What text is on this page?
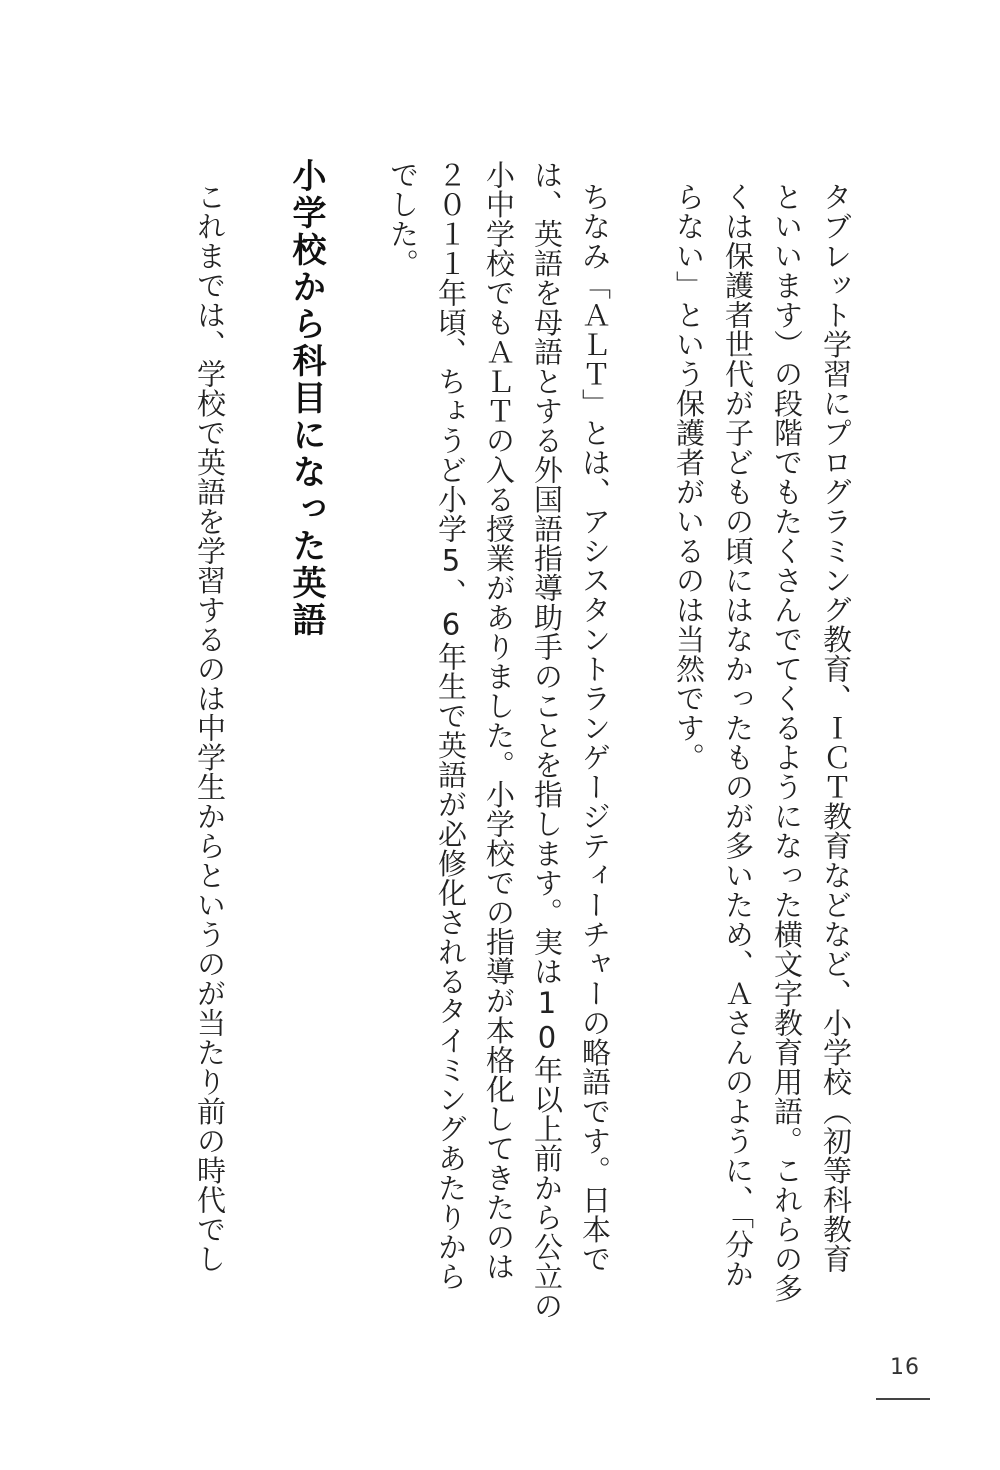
タブレット学習にプログラミング教育、ＩＣＴ教育などなど、小学校（初等科教育
といいます）の段階でもたくさんでてくるようになった横文字教育用語。これらの多
くは保護者世代が子どもの頃にはなかったものが多いため、Ａさんのように、「分か
らない」という保護者がいるのは当然です。
ちなみ「ＡＬＴ」とは、アシスタントランゲージティーチャーの略語です。日本で
は、英語を母語とする外国語指導助手のことを指します。実は10年以上前から公立の
小中学校でもＡＬＴの入る授業がありました。小学校での指導が本格化してきたのは
２０１１年頃、ちょうど小学5、6年生で英語が必修化されるタイミングあたりから
でした。
小学校から科目になった英語
これまでは、学校で英語を学習するのは中学生からというのが当たり前の時代でし
16
